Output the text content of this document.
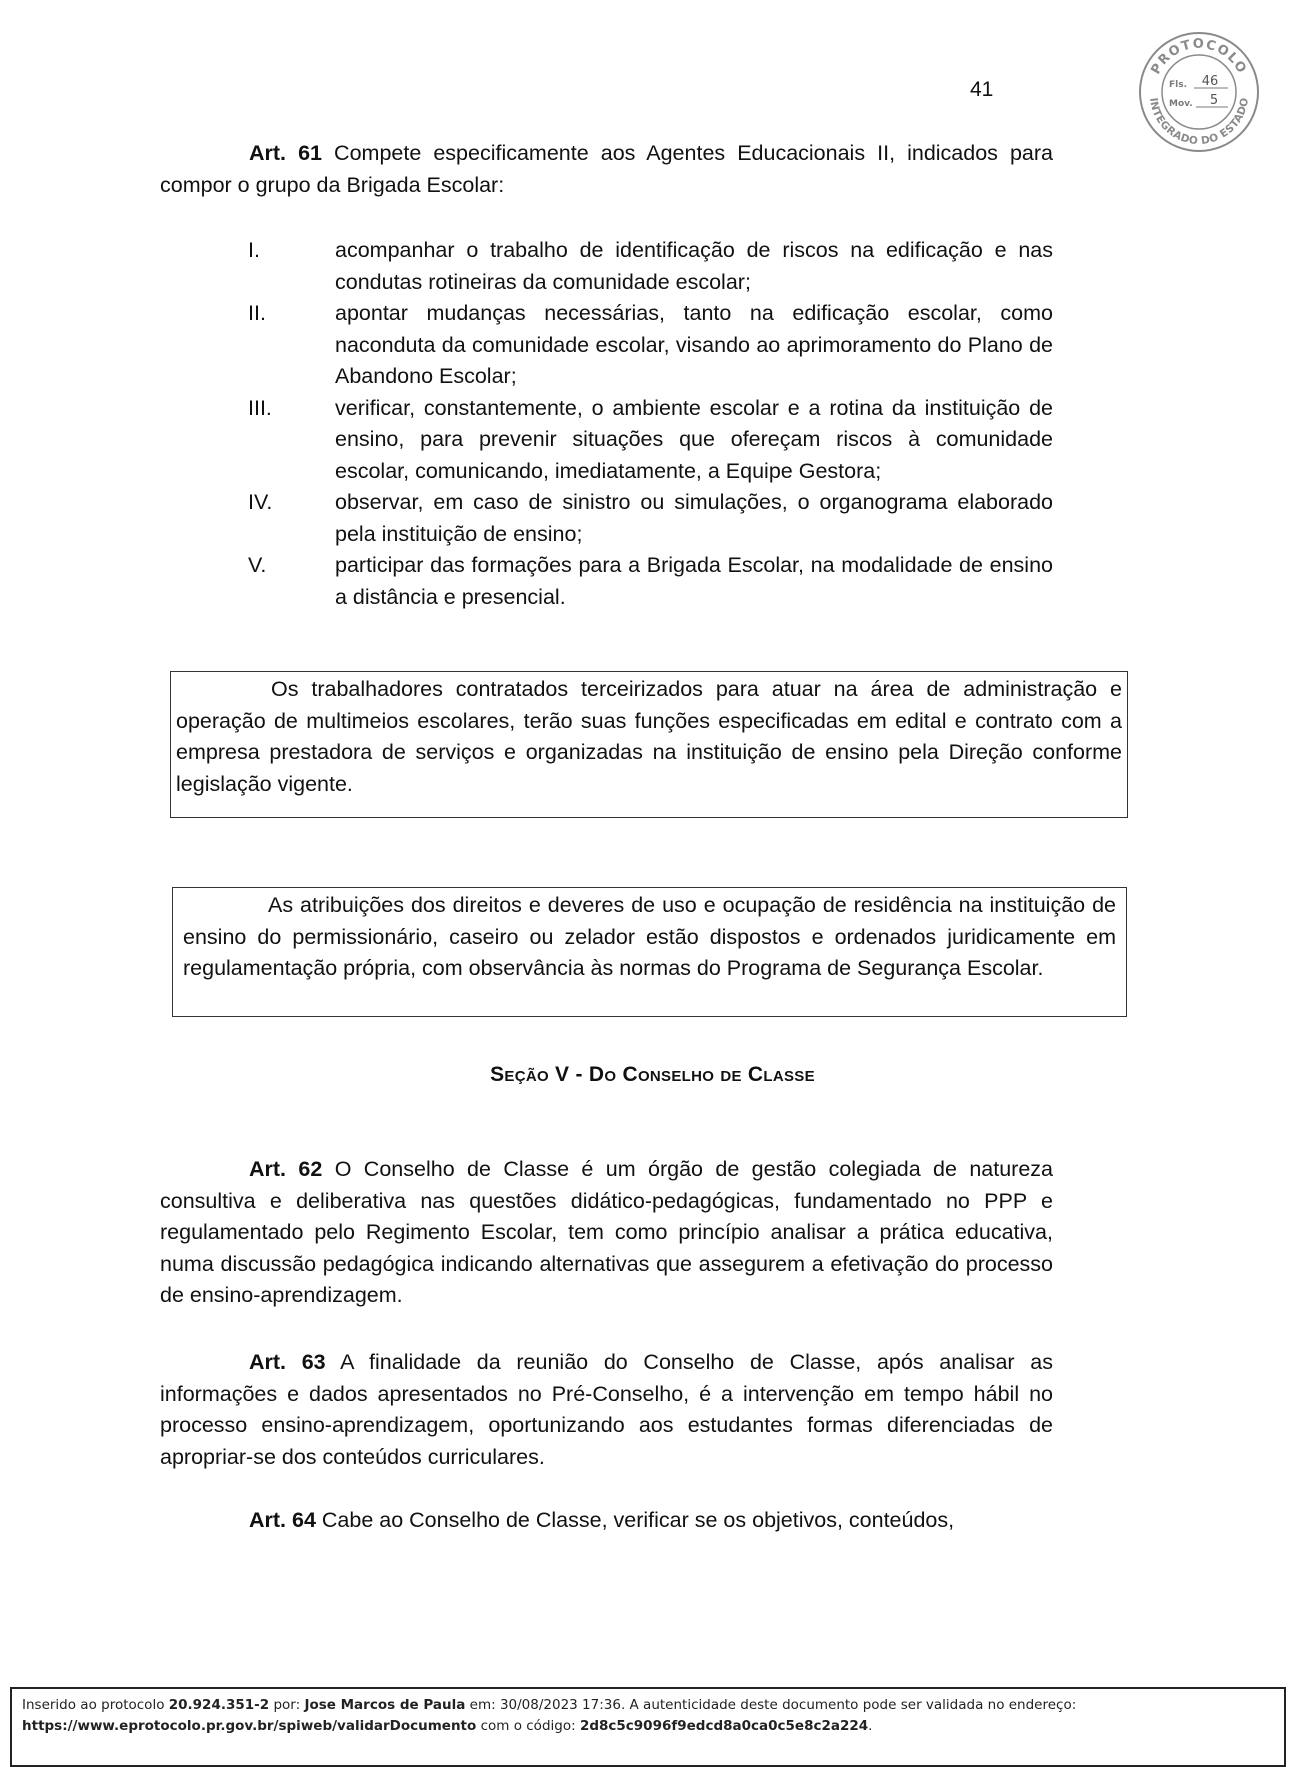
41
PROTOCOLO
INTEGRADO DO ESTADO
Fls. 46
Mov. 5

Art. 61 Compete especificamente aos Agentes Educacionais II, indicados para compor o grupo da Brigada Escolar:

I.	acompanhar o trabalho de identificação de riscos na edificação e nas condutas rotineiras da comunidade escolar;
II.	apontar mudanças necessárias, tanto na edificação escolar, como naconduta da comunidade escolar, visando ao aprimoramento do Plano de Abandono Escolar;
III.	verificar, constantemente, o ambiente escolar e a rotina da instituição de ensino, para prevenir situações que ofereçam riscos à comunidade escolar, comunicando, imediatamente, a Equipe Gestora;
IV.	observar, em caso de sinistro ou simulações, o organograma elaborado pela instituição de ensino;
V.	participar das formações para a Brigada Escolar, na modalidade de ensino a distância e presencial.

Os trabalhadores contratados terceirizados para atuar na área de administração e operação de multimeios escolares, terão suas funções especificadas em edital e contrato com a empresa prestadora de serviços e organizadas na instituição de ensino pela Direção conforme legislação vigente.

As atribuições dos direitos e deveres de uso e ocupação de residência na instituição de ensino do permissionário, caseiro ou zelador estão dispostos e ordenados juridicamente em regulamentação própria, com observância às normas do Programa de Segurança Escolar.

Seção V - Do Conselho de Classe

Art. 62 O Conselho de Classe é um órgão de gestão colegiada de natureza consultiva e deliberativa nas questões didático-pedagógicas, fundamentado no PPP e regulamentado pelo Regimento Escolar, tem como princípio analisar a prática educativa, numa discussão pedagógica indicando alternativas que assegurem a efetivação do processo de ensino-aprendizagem.

Art. 63 A finalidade da reunião do Conselho de Classe, após analisar as informações e dados apresentados no Pré-Conselho, é a intervenção em tempo hábil no processo ensino-aprendizagem, oportunizando aos estudantes formas diferenciadas de apropriar-se dos conteúdos curriculares.

Art. 64 Cabe ao Conselho de Classe, verificar se os objetivos, conteúdos,

Inserido ao protocolo 20.924.351-2 por: Jose Marcos de Paula em: 30/08/2023 17:36. A autenticidade deste documento pode ser validada no endereço:
https://www.eprotocolo.pr.gov.br/spiweb/validarDocumento com o código: 2d8c5c9096f9edcd8a0ca0c5e8c2a224.
